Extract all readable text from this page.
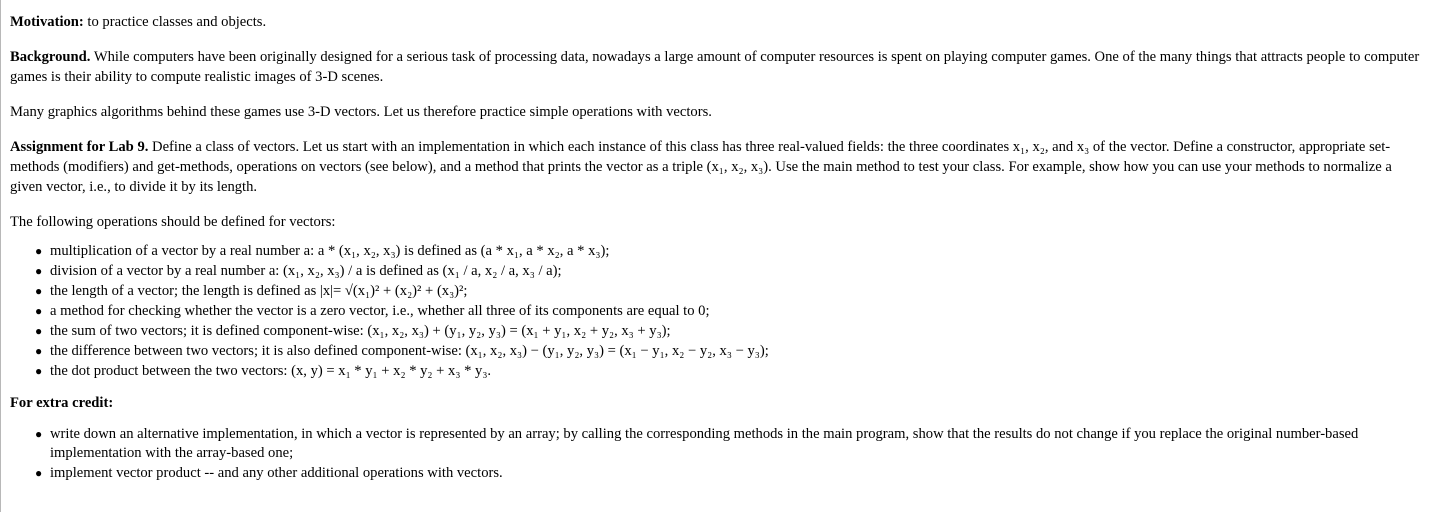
Motivation: to practice classes and objects.

Background. While computers have been originally designed for a serious task of processing data, nowadays a large amount of computer resources is spent on playing computer games. One of the many things that attracts people to computer games is their ability to compute realistic images of 3-D scenes.

Many graphics algorithms behind these games use 3-D vectors. Let us therefore practice simple operations with vectors.

Assignment for Lab 9. Define a class of vectors. Let us start with an implementation in which each instance of this class has three real-valued fields: the three coordinates x₁, x₂, and x₃ of the vector. Define a constructor, appropriate set-methods (modifiers) and get-methods, operations on vectors (see below), and a method that prints the vector as a triple (x₁, x₂, x₃). Use the main method to test your class. For example, show how you can use your methods to normalize a given vector, i.e., to divide it by its length.

The following operations should be defined for vectors:

● multiplication of a vector by a real number a: a * (x₁, x₂, x₃) is defined as (a * x₁, a * x₂, a * x₃);
● division of a vector by a real number a: (x₁, x₂, x₃) / a is defined as (x₁ / a, x₂ / a, x₃ / a);
● the length of a vector; the length is defined as |x|= √(x₁)² + (x₂)² + (x₃)²;
● a method for checking whether the vector is a zero vector, i.e., whether all three of its components are equal to 0;
● the sum of two vectors; it is defined component-wise: (x₁, x₂, x₃) + (y₁, y₂, y₃) = (x₁ + y₁, x₂ + y₂, x₃ + y₃);
● the difference between two vectors; it is also defined component-wise: (x₁, x₂, x₃) − (y₁, y₂, y₃) = (x₁ − y₁, x₂ − y₂, x₃ − y₃);
● the dot product between the two vectors: (x, y) = x₁ * y₁ + x₂ * y₂ + x₃ * y₃.

For extra credit:

● write down an alternative implementation, in which a vector is represented by an array; by calling the corresponding methods in the main program, show that the results do not change if you replace the original number-based implementation with the array-based one;
● implement vector product -- and any other additional operations with vectors.
